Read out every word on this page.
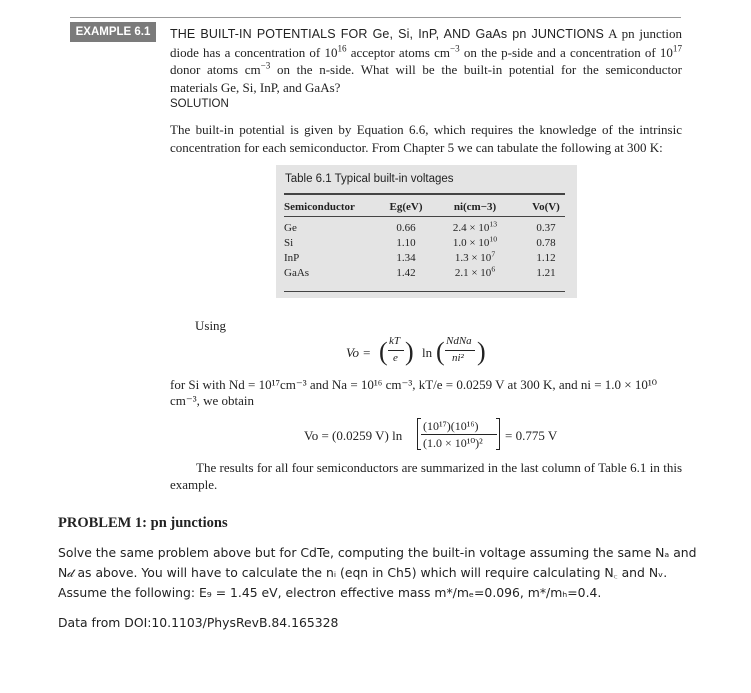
EXAMPLE 6.1	THE BUILT-IN POTENTIALS FOR Ge, Si, InP, AND GaAs pn JUNCTIONS A pn junction diode has a concentration of $10^{16}$ acceptor atoms $cm^{-3}$ on the p-side and a concentration of $10^{17}$ donor atoms $cm^{-3}$ on the n-side. What will be the built-in potential for the semiconductor materials Ge, Si, InP, and GaAs?
SOLUTION
The built-in potential is given by Equation 6.6, which requires the knowledge of the intrinsic concentration for each semiconductor. From Chapter 5 we can tabulate the following at 300 K:
Table 6.1 Typical built-in voltages
Semiconductor	Eg(eV)	ni(cm−3)	Vo(V)
Ge	0.66	$2.4 \times 10^{13}$	0.37
Si	1.10	$1.0 \times 10^{10}$	0.78
InP	1.34	$1.3 \times 10^7$	1.12
GaAs	1.42	$2.1 \times 10^6$	1.21
Using
Vo = ( kT
e ) ln ( NdNa
ni² )
for Si with Nd = 10¹⁷cm⁻³ and Na = 10¹⁶ cm⁻³, kT/e = 0.0259 V at 300 K, and ni = 1.0 × 10¹⁰ cm⁻³, we obtain
Vo = (0.0259 V) ln
(10¹⁷)(10¹⁶)
(1.0 × 10¹⁰)² = 0.775 V
The results for all four semiconductors are summarized in the last column of Table 6.1 in this example.
PROBLEM 1: pn junctions
Solve the same problem above but for CdTe, computing the built-in voltage assuming the same Nₐ and
N𝒹 as above. You will have to calculate the nᵢ (eqn in Ch5) which will require calculating N꜀ and Nᵥ.
Assume the following: E₉ = 1.45 eV, electron effective mass m*/mₑ=0.096, m*/mₕ=0.4.
Data from DOI:10.1103/PhysRevB.84.165328
